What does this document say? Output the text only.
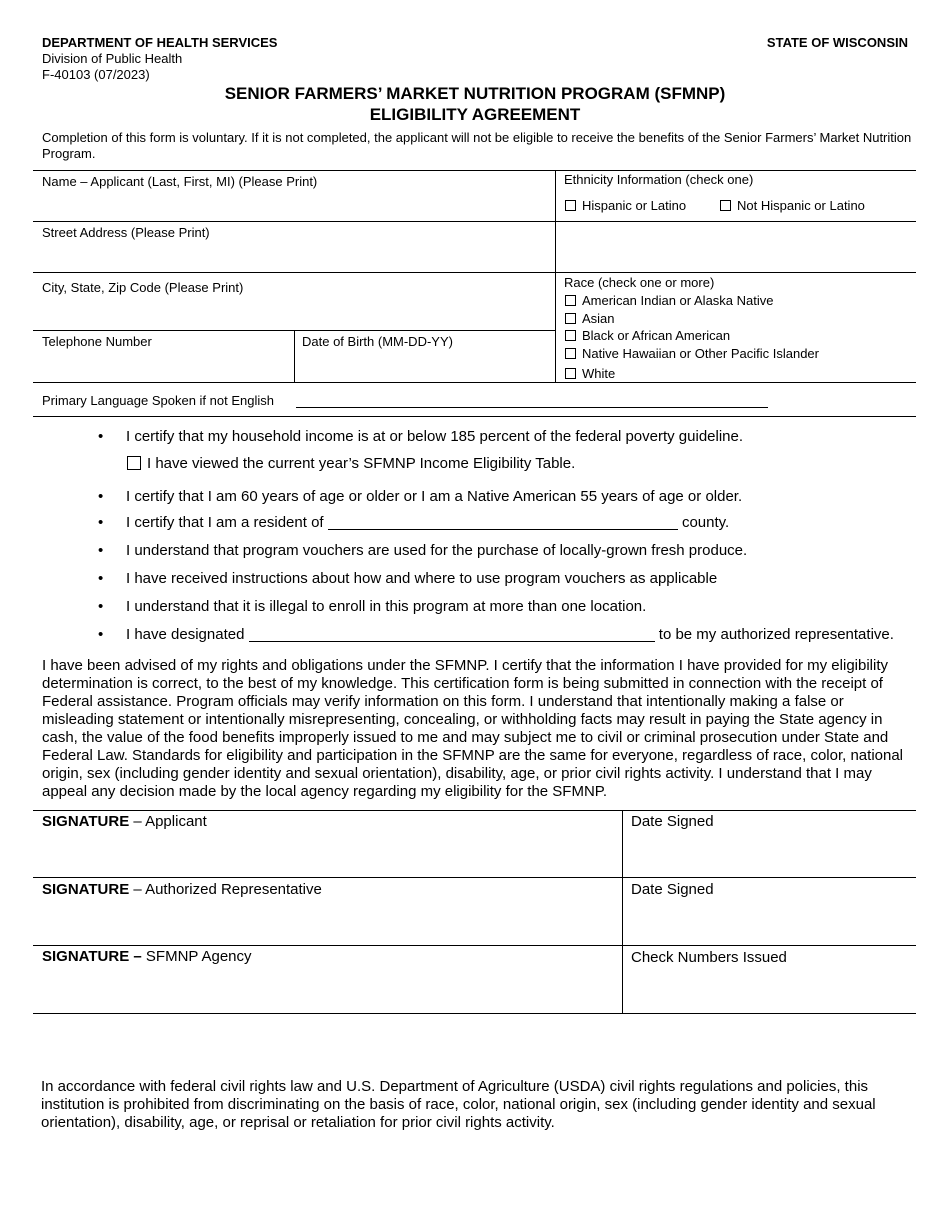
DEPARTMENT OF HEALTH SERVICES
Division of Public Health
F-40103 (07/2023)
STATE OF WISCONSIN
SENIOR FARMERS’ MARKET NUTRITION PROGRAM (SFMNP)
ELIGIBILITY AGREEMENT
Completion of this form is voluntary. If it is not completed, the applicant will not be eligible to receive the benefits of the Senior Farmers’ Market Nutrition Program.
Name – Applicant (Last, First, MI) (Please Print)
Street Address (Please Print)
City, State, Zip Code (Please Print)
Telephone Number	Date of Birth (MM-DD-YY)
Ethnicity Information (check one)
Hispanic or Latino	Not Hispanic or Latino
Race (check one or more)
American Indian or Alaska Native
Asian
Black or African American
Native Hawaiian or Other Pacific Islander
White
Primary Language Spoken if not English
• I certify that my household income is at or below 185 percent of the federal poverty guideline.
I have viewed the current year’s SFMNP Income Eligibility Table.
• I certify that I am 60 years of age or older or I am a Native American 55 years of age or older.
• I certify that I am a resident of	county.
• I understand that program vouchers are used for the purchase of locally-grown fresh produce.
• I have received instructions about how and where to use program vouchers as applicable
• I understand that it is illegal to enroll in this program at more than one location.
• I have designated	to be my authorized representative.
I have been advised of my rights and obligations under the SFMNP. I certify that the information I have provided for my eligibility determination is correct, to the best of my knowledge. This certification form is being submitted in connection with the receipt of Federal assistance. Program officials may verify information on this form. I understand that intentionally making a false or misleading statement or intentionally misrepresenting, concealing, or withholding facts may result in paying the State agency in cash, the value of the food benefits improperly issued to me and may subject me to civil or criminal prosecution under State and Federal Law. Standards for eligibility and participation in the SFMNP are the same for everyone, regardless of race, color, national origin, sex (including gender identity and sexual orientation), disability, age, or prior civil rights activity. I understand that I may appeal any decision made by the local agency regarding my eligibility for the SFMNP.
SIGNATURE – Applicant	Date Signed
SIGNATURE – Authorized Representative	Date Signed
SIGNATURE – SFMNP Agency	Check Numbers Issued
In accordance with federal civil rights law and U.S. Department of Agriculture (USDA) civil rights regulations and policies, this institution is prohibited from discriminating on the basis of race, color, national origin, sex (including gender identity and sexual orientation), disability, age, or reprisal or retaliation for prior civil rights activity.
